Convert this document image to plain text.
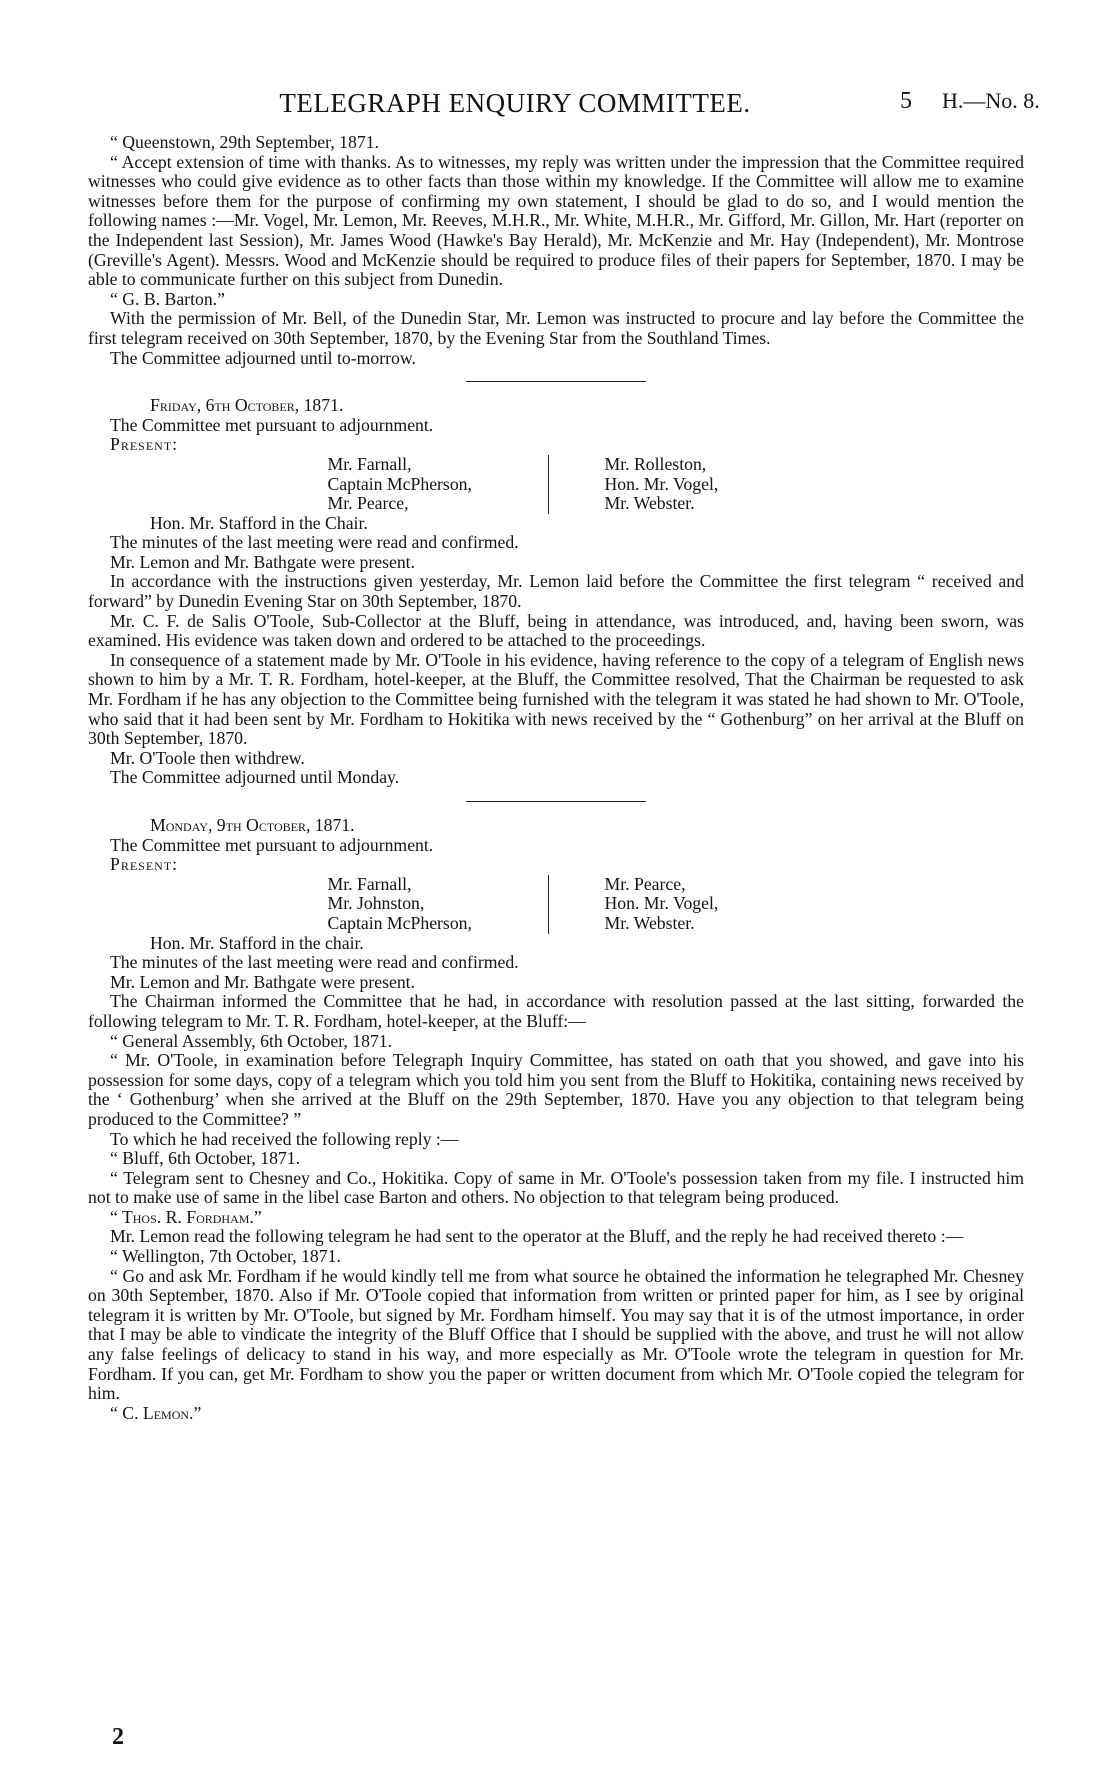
TELEGRAPH ENQUIRY COMMITTEE.	5 H.—No. 8.

“ Queenstown, 29th September, 1871.

“ Accept extension of time with thanks. As to witnesses, my reply was written under the impression that the Committee required witnesses who could give evidence as to other facts than those within my knowledge. If the Committee will allow me to examine witnesses before them for the purpose of confirming my own statement, I should be glad to do so, and I would mention the following names :—Mr. Vogel, Mr. Lemon, Mr. Reeves, M.H.R., Mr. White, M.H.R., Mr. Gifford, Mr. Gillon, Mr. Hart (reporter on the Independent last Session), Mr. James Wood (Hawke's Bay Herald), Mr. McKenzie and Mr. Hay (Independent), Mr. Montrose (Greville's Agent). Messrs. Wood and McKenzie should be required to produce files of their papers for September, 1870. I may be able to communicate further on this subject from Dunedin.

“ G. B. Barton.”

With the permission of Mr. Bell, of the Dunedin Star, Mr. Lemon was instructed to procure and lay before the Committee the first telegram received on 30th September, 1870, by the Evening Star from the Southland Times.

The Committee adjourned until to-morrow.

Friday, 6th October, 1871.

The Committee met pursuant to adjournment.

Present:

Mr. Farnall,
Captain McPherson,
Mr. Pearce,
Mr. Rolleston,
Hon. Mr. Vogel,
Mr. Webster.

Hon. Mr. Stafford in the Chair.

The minutes of the last meeting were read and confirmed.

Mr. Lemon and Mr. Bathgate were present.

In accordance with the instructions given yesterday, Mr. Lemon laid before the Committee the first telegram “ received and forward” by Dunedin Evening Star on 30th September, 1870.

Mr. C. F. de Salis O'Toole, Sub-Collector at the Bluff, being in attendance, was introduced, and, having been sworn, was examined. His evidence was taken down and ordered to be attached to the proceedings.

In consequence of a statement made by Mr. O'Toole in his evidence, having reference to the copy of a telegram of English news shown to him by a Mr. T. R. Fordham, hotel-keeper, at the Bluff, the Committee resolved, That the Chairman be requested to ask Mr. Fordham if he has any objection to the Committee being furnished with the telegram it was stated he had shown to Mr. O'Toole, who said that it had been sent by Mr. Fordham to Hokitika with news received by the “ Gothenburg” on her arrival at the Bluff on 30th September, 1870.

Mr. O'Toole then withdrew.

The Committee adjourned until Monday.

Monday, 9th October, 1871.

The Committee met pursuant to adjournment.

Present:

Mr. Farnall,
Mr. Johnston,
Captain McPherson,
Mr. Pearce,
Hon. Mr. Vogel,
Mr. Webster.

Hon. Mr. Stafford in the chair.

The minutes of the last meeting were read and confirmed.

Mr. Lemon and Mr. Bathgate were present.

The Chairman informed the Committee that he had, in accordance with resolution passed at the last sitting, forwarded the following telegram to Mr. T. R. Fordham, hotel-keeper, at the Bluff:—

“ General Assembly, 6th October, 1871.

“ Mr. O'Toole, in examination before Telegraph Inquiry Committee, has stated on oath that you showed, and gave into his possession for some days, copy of a telegram which you told him you sent from the Bluff to Hokitika, containing news received by the ‘ Gothenburg’ when she arrived at the Bluff on the 29th September, 1870. Have you any objection to that telegram being produced to the Committee? ”

To which he had received the following reply :—

“ Bluff, 6th October, 1871.

“ Telegram sent to Chesney and Co., Hokitika. Copy of same in Mr. O'Toole's possession taken from my file. I instructed him not to make use of same in the libel case Barton and others. No objection to that telegram being produced.

“ Thos. R. Fordham.”

Mr. Lemon read the following telegram he had sent to the operator at the Bluff, and the reply he had received thereto :—

“ Wellington, 7th October, 1871.

“ Go and ask Mr. Fordham if he would kindly tell me from what source he obtained the information he telegraphed Mr. Chesney on 30th September, 1870. Also if Mr. O'Toole copied that information from written or printed paper for him, as I see by original telegram it is written by Mr. O'Toole, but signed by Mr. Fordham himself. You may say that it is of the utmost importance, in order that I may be able to vindicate the integrity of the Bluff Office that I should be supplied with the above, and trust he will not allow any false feelings of delicacy to stand in his way, and more especially as Mr. O'Toole wrote the telegram in question for Mr. Fordham. If you can, get Mr. Fordham to show you the paper or written document from which Mr. O'Toole copied the telegram for him.

“ C. Lemon.”

2
